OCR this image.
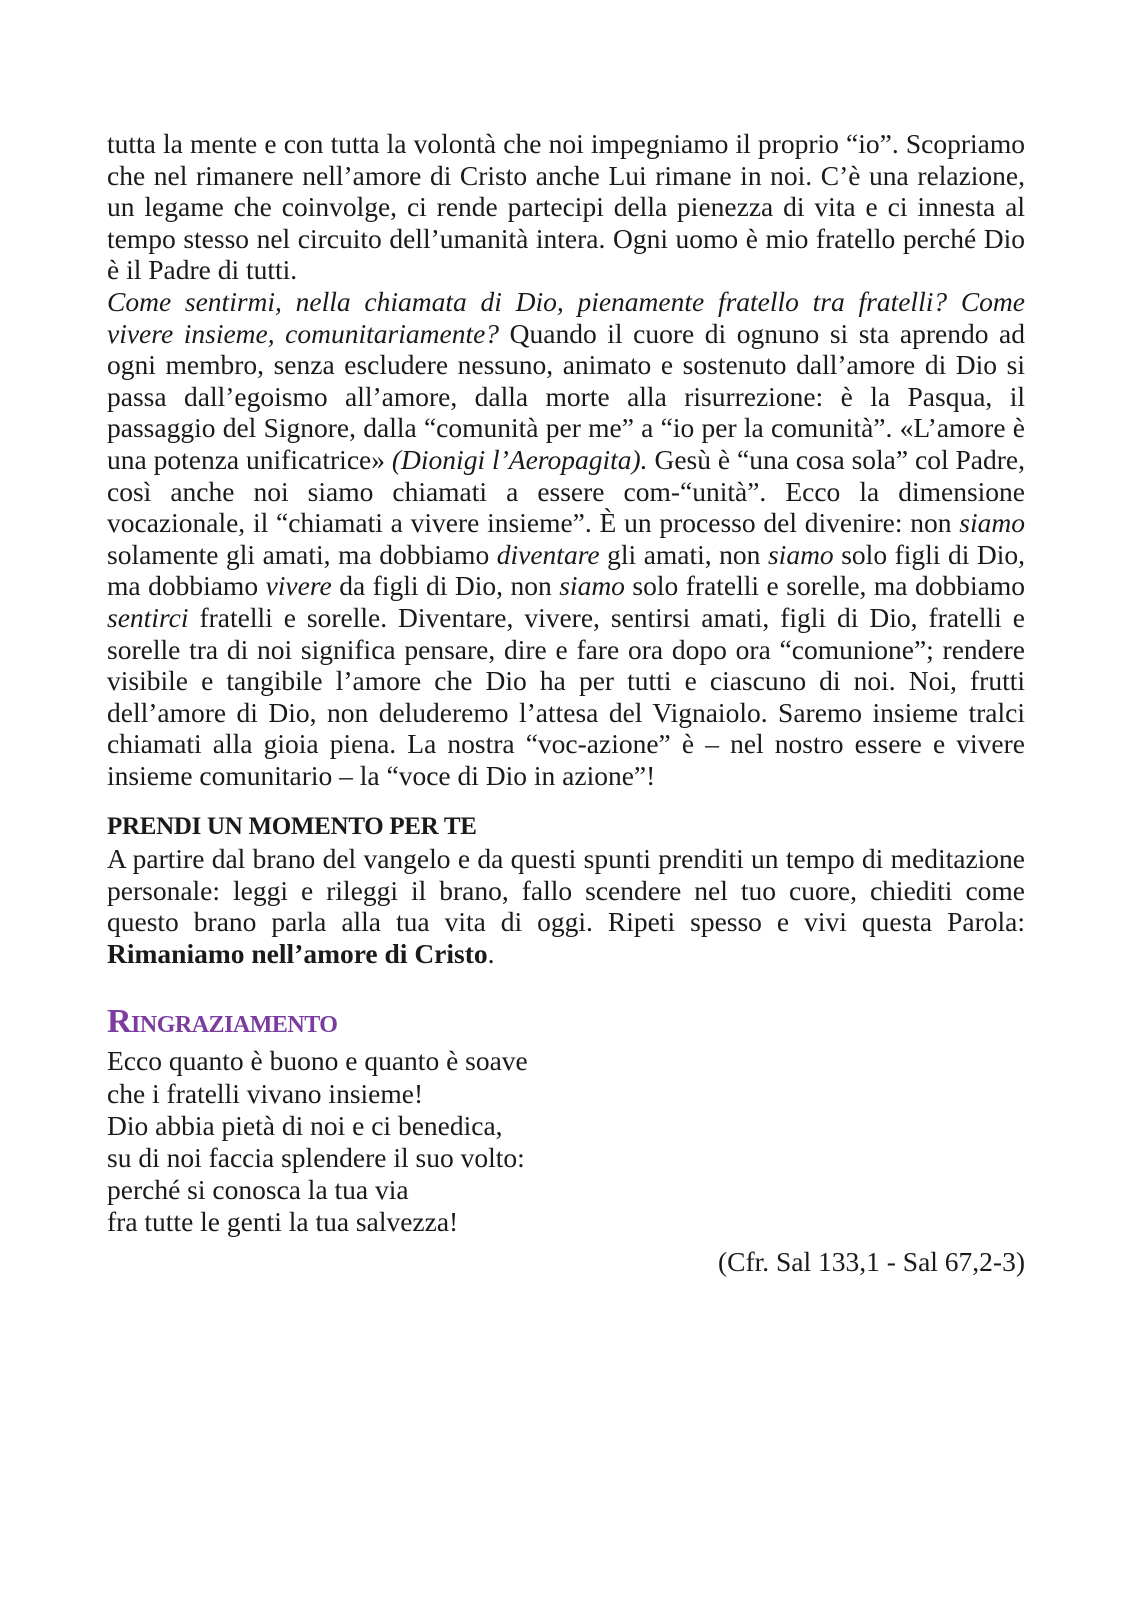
tutta la mente e con tutta la volontà che noi impegniamo il proprio “io”. Scopriamo che nel rimanere nell’amore di Cristo anche Lui rimane in noi. C’è una relazione, un legame che coinvolge, ci rende partecipi della pienezza di vita e ci innesta al tempo stesso nel circuito dell’umanità intera. Ogni uomo è mio fratello perché Dio è il Padre di tutti.

Come sentirmi, nella chiamata di Dio, pienamente fratello tra fratelli? Come vivere insieme, comunitariamente? Quando il cuore di ognuno si sta aprendo ad ogni membro, senza escludere nessuno, animato e sostenuto dall’amore di Dio si passa dall’egoismo all’amore, dalla morte alla risurrezione: è la Pasqua, il passaggio del Signore, dalla “comunità per me” a “io per la comunità”. «L’amore è una potenza unificatrice» (Dionigi l’Aeropagita). Gesù è “una cosa sola” col Padre, così anche noi siamo chiamati a essere com-“unità”. Ecco la dimensione vocazionale, il “chiamati a vivere insieme”. È un processo del divenire: non siamo solamente gli amati, ma dobbiamo diventare gli amati, non siamo solo figli di Dio, ma dobbiamo vivere da figli di Dio, non siamo solo fratelli e sorelle, ma dobbiamo sentirci fratelli e sorelle. Diventare, vivere, sentirsi amati, figli di Dio, fratelli e sorelle tra di noi significa pensare, dire e fare ora dopo ora “comunione”; rendere visibile e tangibile l’amore che Dio ha per tutti e ciascuno di noi. Noi, frutti dell’amore di Dio, non deluderemo l’attesa del Vignaiolo. Saremo insieme tralci chiamati alla gioia piena. La nostra “voc-azione” è – nel nostro essere e vivere insieme comunitario – la “voce di Dio in azione”!

PRENDI UN MOMENTO PER TE

A partire dal brano del vangelo e da questi spunti prenditi un tempo di meditazione personale: leggi e rileggi il brano, fallo scendere nel tuo cuore, chiediti come questo brano parla alla tua vita di oggi. Ripeti spesso e vivi questa Parola: Rimaniamo nell’amore di Cristo.

Ringraziamento
Ecco quanto è buono e quanto è soave
che i fratelli vivano insieme!
Dio abbia pietà di noi e ci benedica,
su di noi faccia splendere il suo volto:
perché si conosca la tua via
fra tutte le genti la tua salvezza!

(Cfr. Sal 133,1 - Sal 67,2-3)
